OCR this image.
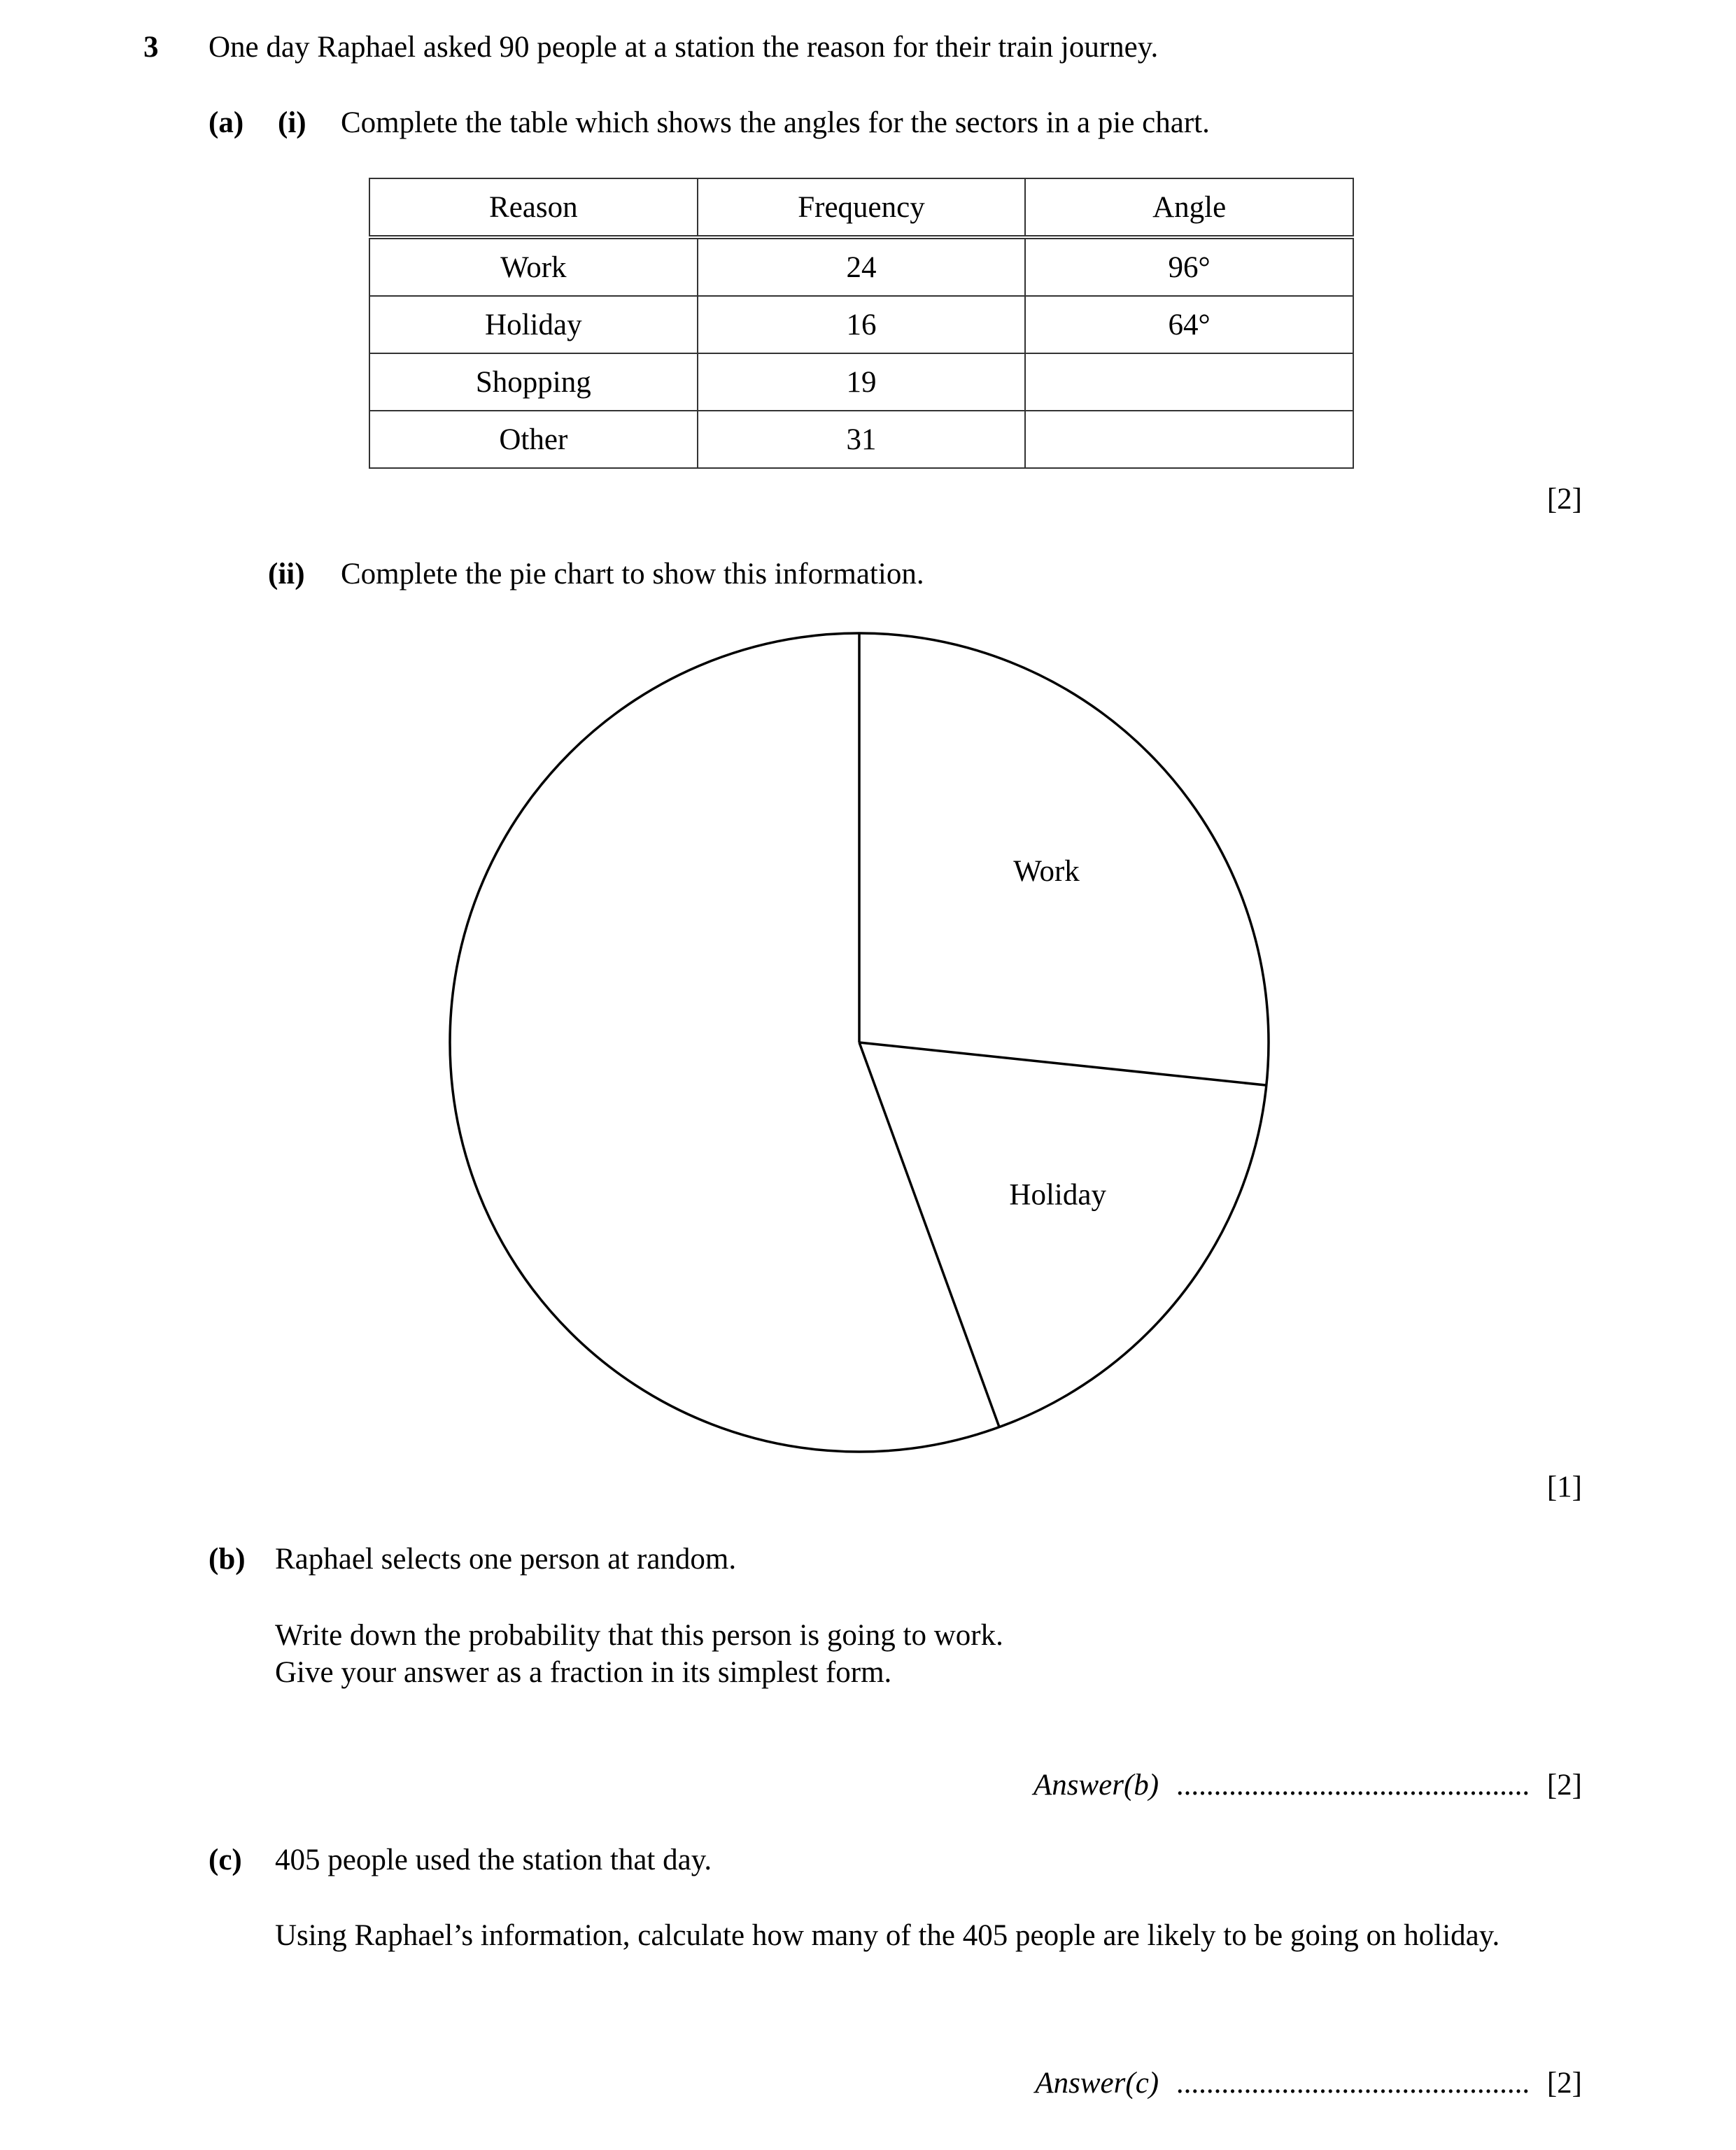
3 One day Raphael asked 90 people at a station the reason for their train journey.
(a) (i) Complete the table which shows the angles for the sectors in a pie chart.
Reason	Frequency	Angle
Work	24	96°
Holiday	16	64°
Shopping	19	
Other	31	
[2]
(ii) Complete the pie chart to show this information.
Work
Holiday
[1]
(b) Raphael selects one person at random.
Write down the probability that this person is going to work.
Give your answer as a fraction in its simplest form.
Answer(b) ............................................... [2]
(c) 405 people used the station that day.
Using Raphael’s information, calculate how many of the 405 people are likely to be going on holiday.
Answer(c) ............................................... [2]
